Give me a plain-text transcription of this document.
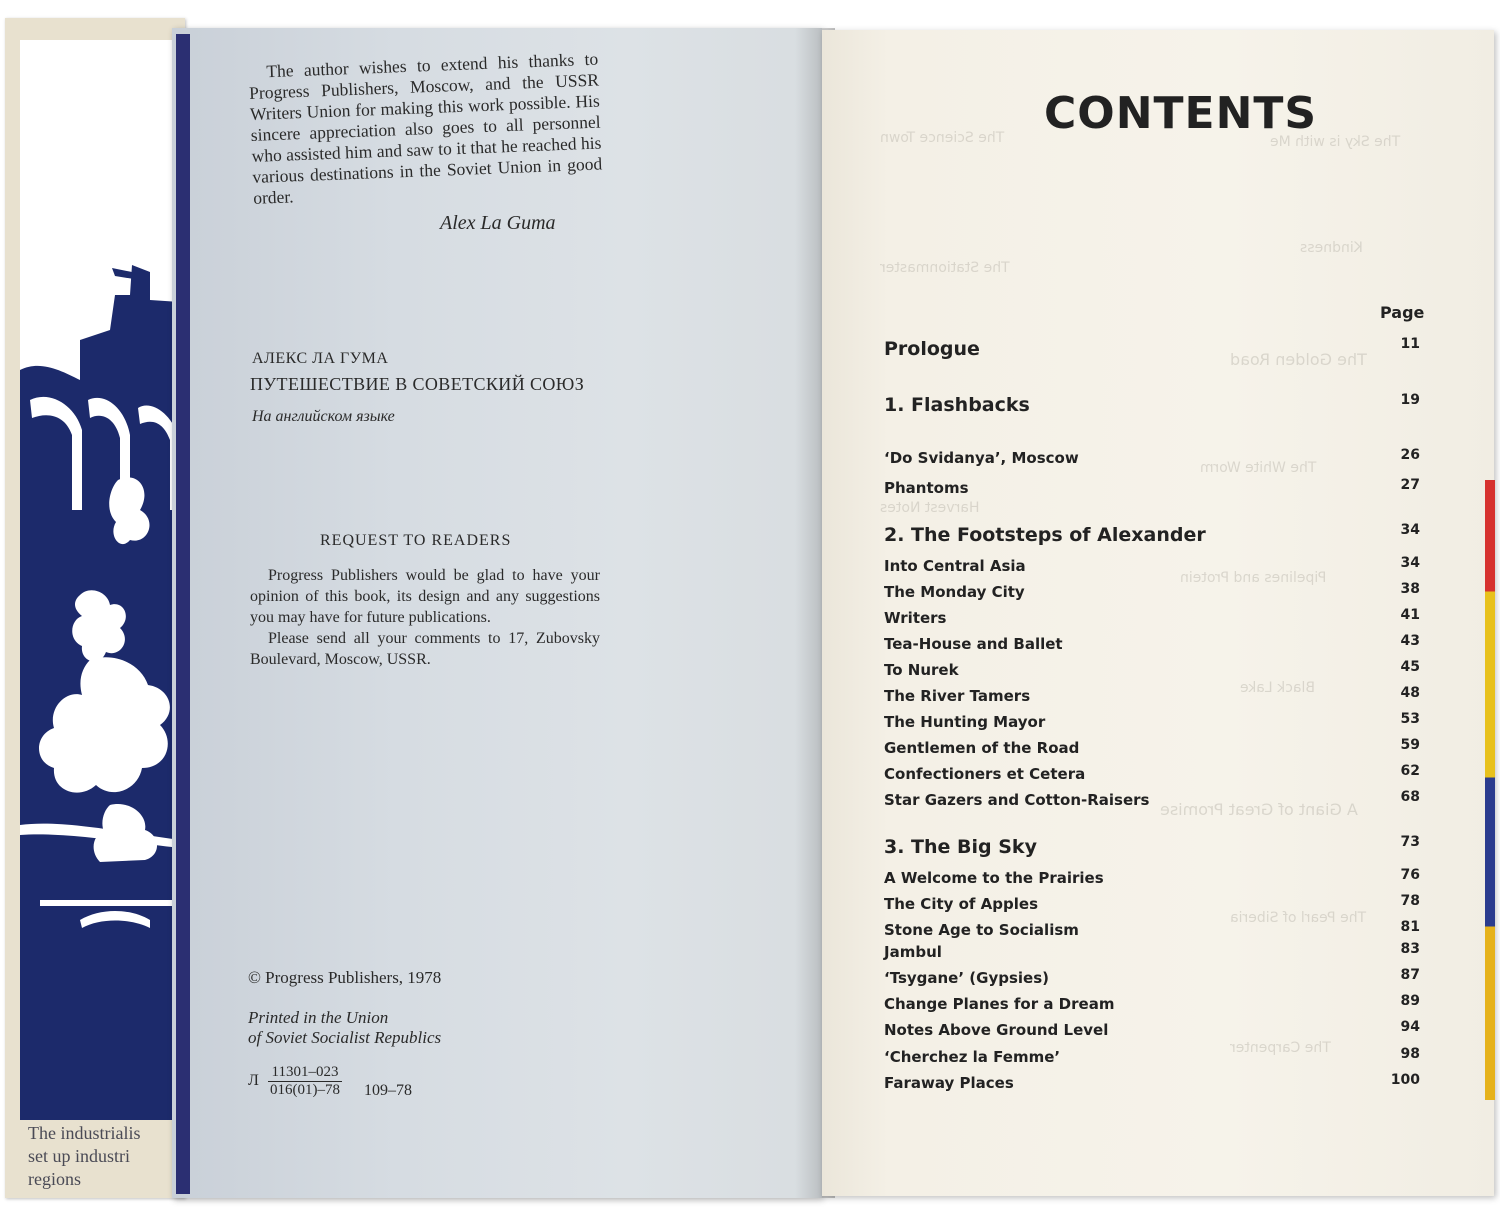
The industrialis
set up industri
regions
The author wishes to extend his thanks to Progress Publishers, Moscow, and the USSR Writers Union for making this work possible. His sincere appreciation also goes to all personnel who assisted him and saw to it that he reached his various destinations in the Soviet Union in good order.
Alex La Guma
АЛЕКС ЛА ГУМА
ПУТЕШЕСТВИЕ В СОВЕТСКИЙ СОЮЗ
На английском языке
REQUEST TO READERS

Progress Publishers would be glad to have your opinion of this book, its design and any suggestions you may have for future publications.

Please send all your comments to 17, Zubovsky Boulevard, Moscow, USSR.

© Progress Publishers, 1978
Printed in the Union
of Soviet Socialist Republics
Л $\frac{11301-023}{016(01)-78} 109-78$
The Sky is with Me
Kindness
The Golden Road
The White Worm
Pipelines and Protein
Black Lake
A Giant of Great Promise
The Pearl of Siberia
The Carpenter
The Science Town
The Stationmaster
Harvest Notes
CONTENTS
Page
Prologue	11
1. Flashbacks	19
‘Do Svidanya’, Moscow	26
Phantoms	27
2. The Footsteps of Alexander	34
Into Central Asia	34
The Monday City	38
Writers	41
Tea-House and Ballet	43
To Nurek	45
The River Tamers	48
The Hunting Mayor	53
Gentlemen of the Road	59
Confectioners et Cetera	62
Star Gazers and Cotton-Raisers	68
3. The Big Sky	73
A Welcome to the Prairies	76
The City of Apples	78
Stone Age to Socialism	81
Jambul	83
‘Tsygane’ (Gypsies)	87
Change Planes for a Dream	89
Notes Above Ground Level	94
‘Cherchez la Femme’	98
Faraway Places	100
